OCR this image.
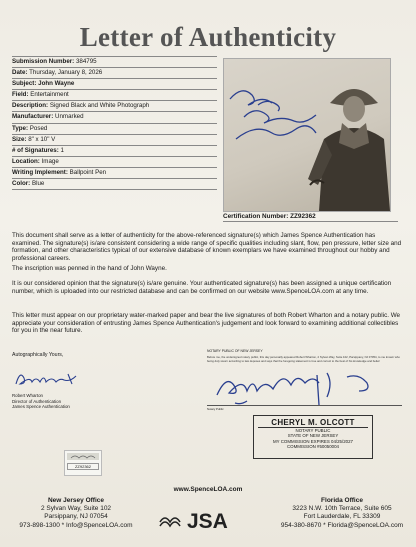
Letter of Authenticity
Submission Number: 384795
Date: Thursday, January 8, 2026
Subject: John Wayne
Field: Entertainment
Description: Signed Black and White Photograph
Manufacturer: Unmarked
Type: Posed
Size: 8" x 10" V
# of Signatures: 1
Location: Image
Writing Implement: Ballpoint Pen
Color: Blue
Certification Number: ZZ92362
This document shall serve as a letter of authenticity for the above-referenced signature(s) which James Spence Authentication has examined. The signature(s) is/are consistent considering a wide range of specific qualities including slant, flow, pen pressure, letter size and formation, and other characteristics typical of our extensive database of known exemplars we have examined throughout our hobby and professional careers.
The inscription was penned in the hand of John Wayne.
It is our considered opinion that the signature(s) is/are genuine. Your authenticated signature(s) has been assigned a unique certification number, which is uploaded into our restricted database and can be confirmed on our website www.SpenceLOA.com at any time.
This letter must appear on our proprietary water-marked paper and bear the live signatures of both Robert Wharton and a notary public. We appreciate your consideration of entrusting James Spence Authentication's judgement and look forward to examining additional collectibles for you in the near future.
Autographically Yours,
Robert Wharton
Director of Authentication
James Spence Authentication
NOTARY PUBLIC OF NEW JERSEY
Before me, the undersigned notary public, this day personally appeared Robert Wharton, 2 Sylvan Way, Suite 102, Parsippany, NJ 07054, to me known who being duly sworn according to law deposes and says that the foregoing statement is true and correct to the best of his knowledge and belief.
Notary Public
CHERYL M. OLCOTT
NOTARY PUBLIC
STATE OF NEW JERSEY
MY COMMISSION EXPIRES 04/25/2027
COMMISSION #50050004
ZZ92362
www.SpenceLOA.com
New Jersey Office
2 Sylvan Way, Suite 102
Parsippany, NJ 07054
973-898-1300 * Info@SpenceLOA.com	JSA
Florida Office
3223 N.W. 10th Terrace, Suite 605
Fort Lauderdale, FL 33309
954-380-8670 * Florida@SpenceLOA.com
